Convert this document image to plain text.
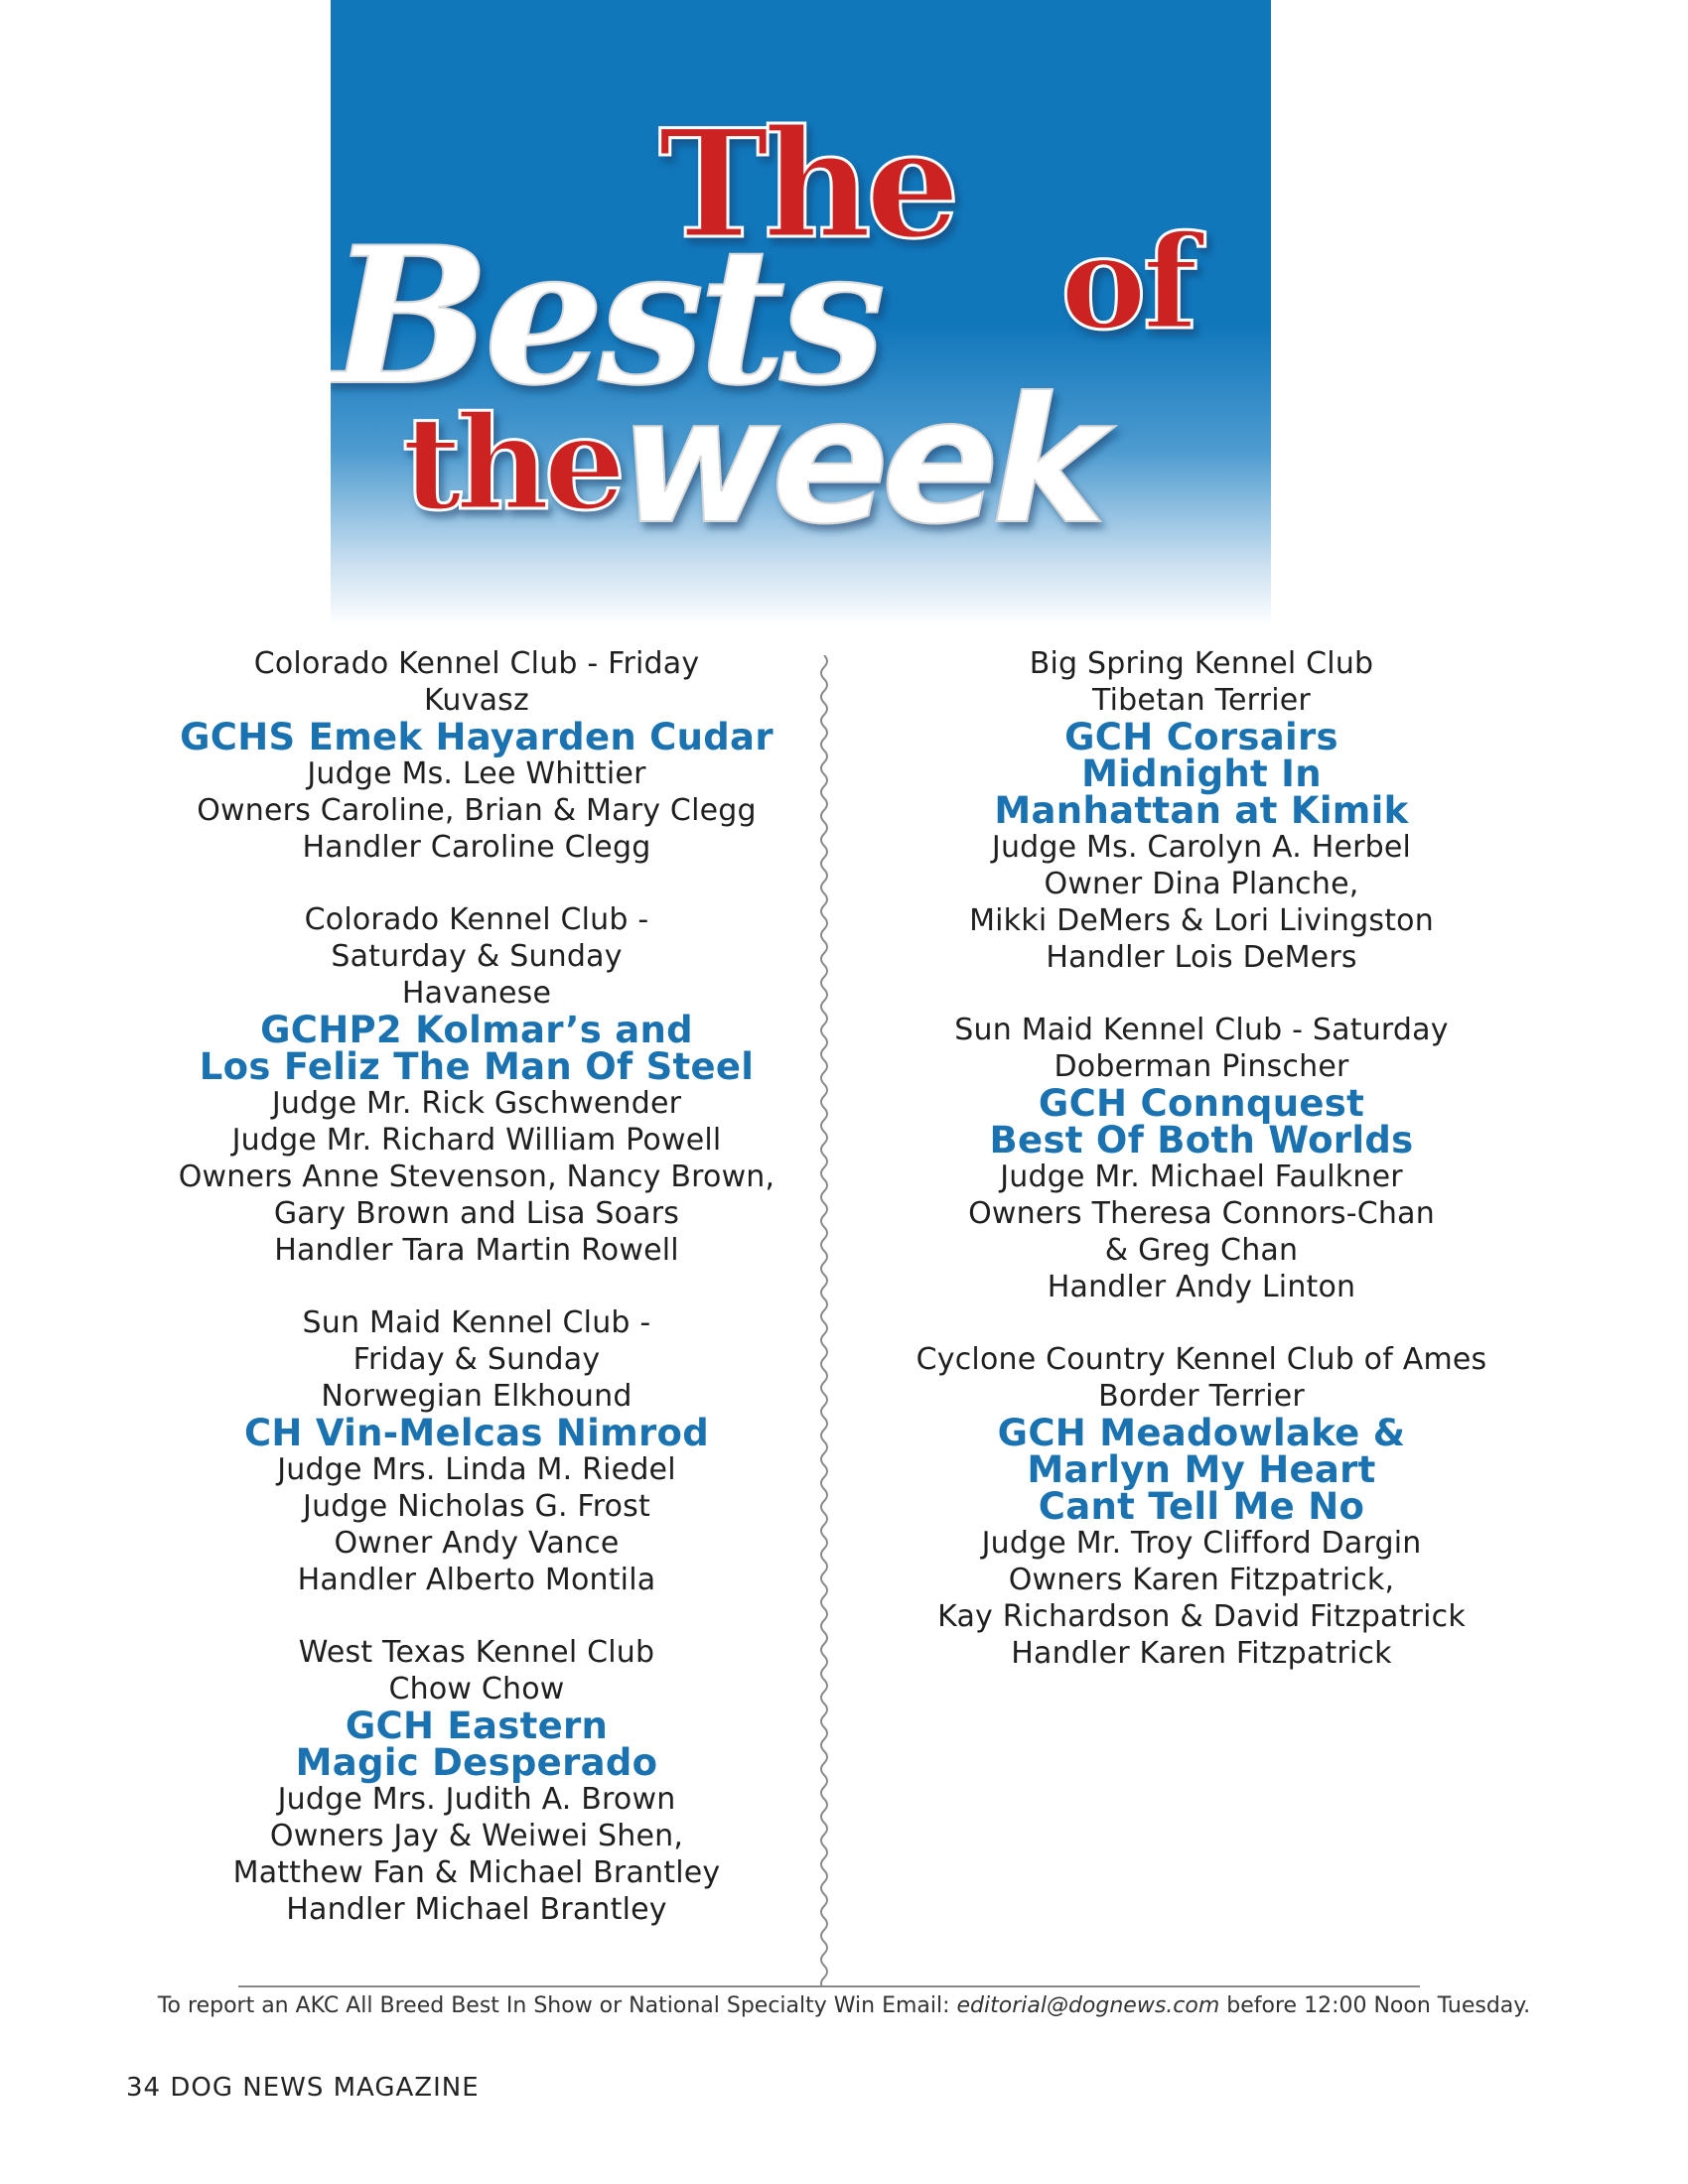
The
Bests of
the
week
Colorado Kennel Club - Friday
Kuvasz
GCHS Emek Hayarden Cudar
Judge Ms. Lee Whittier
Owners Caroline, Brian & Mary Clegg
Handler Caroline Clegg
Colorado Kennel Club -
Saturday & Sunday
Havanese
GCHP2 Kolmar’s and
Los Feliz The Man Of Steel
Judge Mr. Rick Gschwender
Judge Mr. Richard William Powell
Owners Anne Stevenson, Nancy Brown,
Gary Brown and Lisa Soars
Handler Tara Martin Rowell
Sun Maid Kennel Club -
Friday & Sunday
Norwegian Elkhound
CH Vin-Melcas Nimrod
Judge Mrs. Linda M. Riedel
Judge Nicholas G. Frost
Owner Andy Vance
Handler Alberto Montila
West Texas Kennel Club
Chow Chow
GCH Eastern
Magic Desperado
Judge Mrs. Judith A. Brown
Owners Jay & Weiwei Shen,
Matthew Fan & Michael Brantley
Handler Michael Brantley
Big Spring Kennel Club
Tibetan Terrier
GCH Corsairs
Midnight In
Manhattan at Kimik
Judge Ms. Carolyn A. Herbel
Owner Dina Planche,
Mikki DeMers & Lori Livingston
Handler Lois DeMers
Sun Maid Kennel Club - Saturday
Doberman Pinscher
GCH Connquest
Best Of Both Worlds
Judge Mr. Michael Faulkner
Owners Theresa Connors-Chan
& Greg Chan
Handler Andy Linton
Cyclone Country Kennel Club of Ames
Border Terrier
GCH Meadowlake &
Marlyn My Heart
Cant Tell Me No
Judge Mr. Troy Clifford Dargin
Owners Karen Fitzpatrick,
Kay Richardson & David Fitzpatrick
Handler Karen Fitzpatrick
To report an AKC All Breed Best In Show or National Specialty Win Email: editorial@dognews.com before 12:00 Noon Tuesday.
34 DOG NEWS MAGAZINE
